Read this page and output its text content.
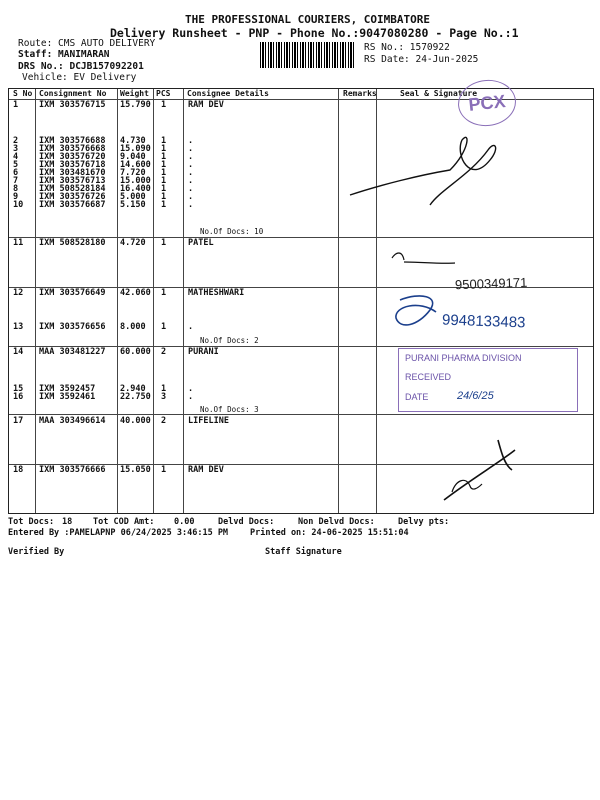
THE PROFESSIONAL COURIERS, COIMBATORE
Delivery Runsheet - PNP - Phone No.:9047080280 - Page No.:1
Route: CMS AUTO DELIVERY
Staff: MANIMARAN
DRS No.: DCJB157092201
Vehicle: EV Delivery
RS No.: 1570922
RS Date: 24-Jun-2025
S No Consignment No Weight PCS Consignee Details	Remarks	Seal & Signature
1 IXM 303576715 15.790 1	RAM DEV
2 IXM 303576688 4.730 1	.
3 IXM 303576668 15.090 1	.
4 IXM 303576720 9.040 1	.
5 IXM 303576718 14.600 1	.
6 IXM 303481670 7.720 1	.
7 IXM 303576713 15.000 1	.
8 IXM 508528184 16.400 1	.
9 IXM 303576726 5.000 1	.
10 IXM 303576687 5.150 1	.
11 IXM 508528180 4.720 1	PATEL
12 IXM 303576649 42.060 1	MATHESHWARI
13 IXM 303576656 8.000 1	.
14 MAA 303481227 60.000 2	PURANI
15 IXM 3592457	2.940 1	.
16 IXM 3592461	22.750 3	.
17 MAA 303496614 40.000 2	LIFELINE
18 IXM 303576666 15.050 1	RAM DEV
No.Of Docs: 10
No.Of Docs: 2
No.Of Docs: 3
PCX
9500349171
9948133483
PURANI PHARMA DIVISION
RECEIVED
DATE	24/6/25
Tot Docs: 18 Tot COD Amt: 0.00	Delvd Docs:	Non Delvd Docs:	Delvy pts:
Entered By :PAMELAPNP 06/24/2025 3:46:15 PM	Printed on: 24-06-2025 15:51:04
Verified By	Staff Signature
